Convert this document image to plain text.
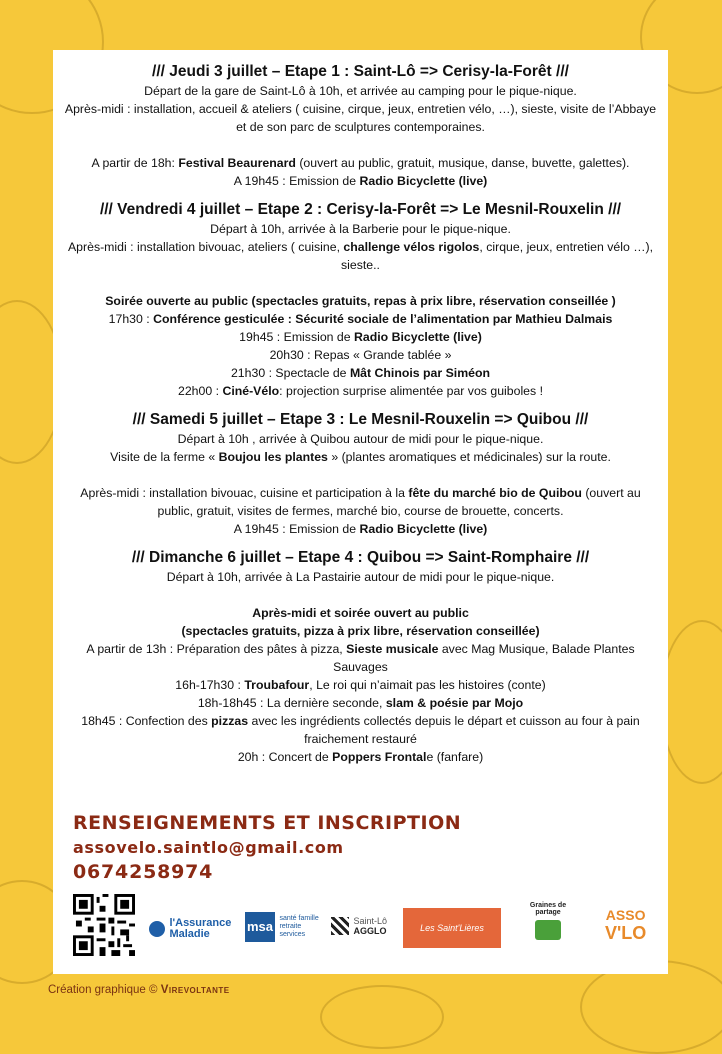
/// Jeudi 3 juillet – Etape 1 : Saint-Lô => Cerisy-la-Forêt ///

Départ de la gare de Saint-Lô à 10h, et arrivée au camping pour le pique-nique.

Après-midi : installation, accueil & ateliers ( cuisine, cirque, jeux, entretien vélo, …), sieste, visite de l’Abbaye et de son parc de sculptures contemporaines.

A partir de 18h: Festival Beaurenard (ouvert au public, gratuit, musique, danse, buvette, galettes).

A 19h45 : Emission de Radio Bicyclette (live)

/// Vendredi 4 juillet – Etape 2 : Cerisy-la-Forêt => Le Mesnil-Rouxelin ///

Départ à 10h, arrivée à la Barberie pour le pique-nique.

Après-midi : installation bivouac, ateliers ( cuisine, challenge vélos rigolos, cirque, jeux, entretien vélo …), sieste..

Soirée ouverte au public (spectacles gratuits, repas à prix libre, réservation conseillée )

17h30 : Conférence gesticulée : Sécurité sociale de l’alimentation par Mathieu Dalmais

19h45 : Emission de Radio Bicyclette (live)

20h30 : Repas « Grande tablée »

21h30 : Spectacle de Mât Chinois par Siméon

22h00 : Ciné-Vélo: projection surprise alimentée par vos guiboles !

/// Samedi 5 juillet – Etape 3 : Le Mesnil-Rouxelin => Quibou ///

Départ à 10h , arrivée à Quibou autour de midi pour le pique-nique.

Visite de la ferme « Boujou les plantes » (plantes aromatiques et médicinales) sur la route.

Après-midi : installation bivouac, cuisine et participation à la fête du marché bio de Quibou (ouvert au public, gratuit, visites de fermes, marché bio, course de brouette, concerts.

A 19h45 : Emission de Radio Bicyclette (live)

/// Dimanche 6 juillet – Etape 4 : Quibou => Saint-Romphaire ///

Départ à 10h, arrivée à La Pastairie autour de midi pour le pique-nique.

Après-midi et soirée ouvert au public

(spectacles gratuits, pizza à prix libre, réservation conseillée)

A partir de 13h : Préparation des pâtes à pizza, Sieste musicale avec Mag Musique, Balade Plantes Sauvages

16h-17h30 : Troubafour, Le roi qui n’aimait pas les histoires (conte)

18h-18h45 : La dernière seconde, slam & poésie par Mojo

18h45 : Confection des pizzas avec les ingrédients collectés depuis le départ et cuisson au four à pain fraichement restauré

20h : Concert de Poppers Frontale (fanfare)

RENSEIGNEMENTS ET INSCRIPTION
assovelo.saintlo@gmail.com
0674258974
l'Assurance
Maladie	msa santé famille retraite services
Saint-Lô
AGGLO	Les Saint'Lières
Graines de partage	ASSO
V'LO
Création graphique © Virevoltante
